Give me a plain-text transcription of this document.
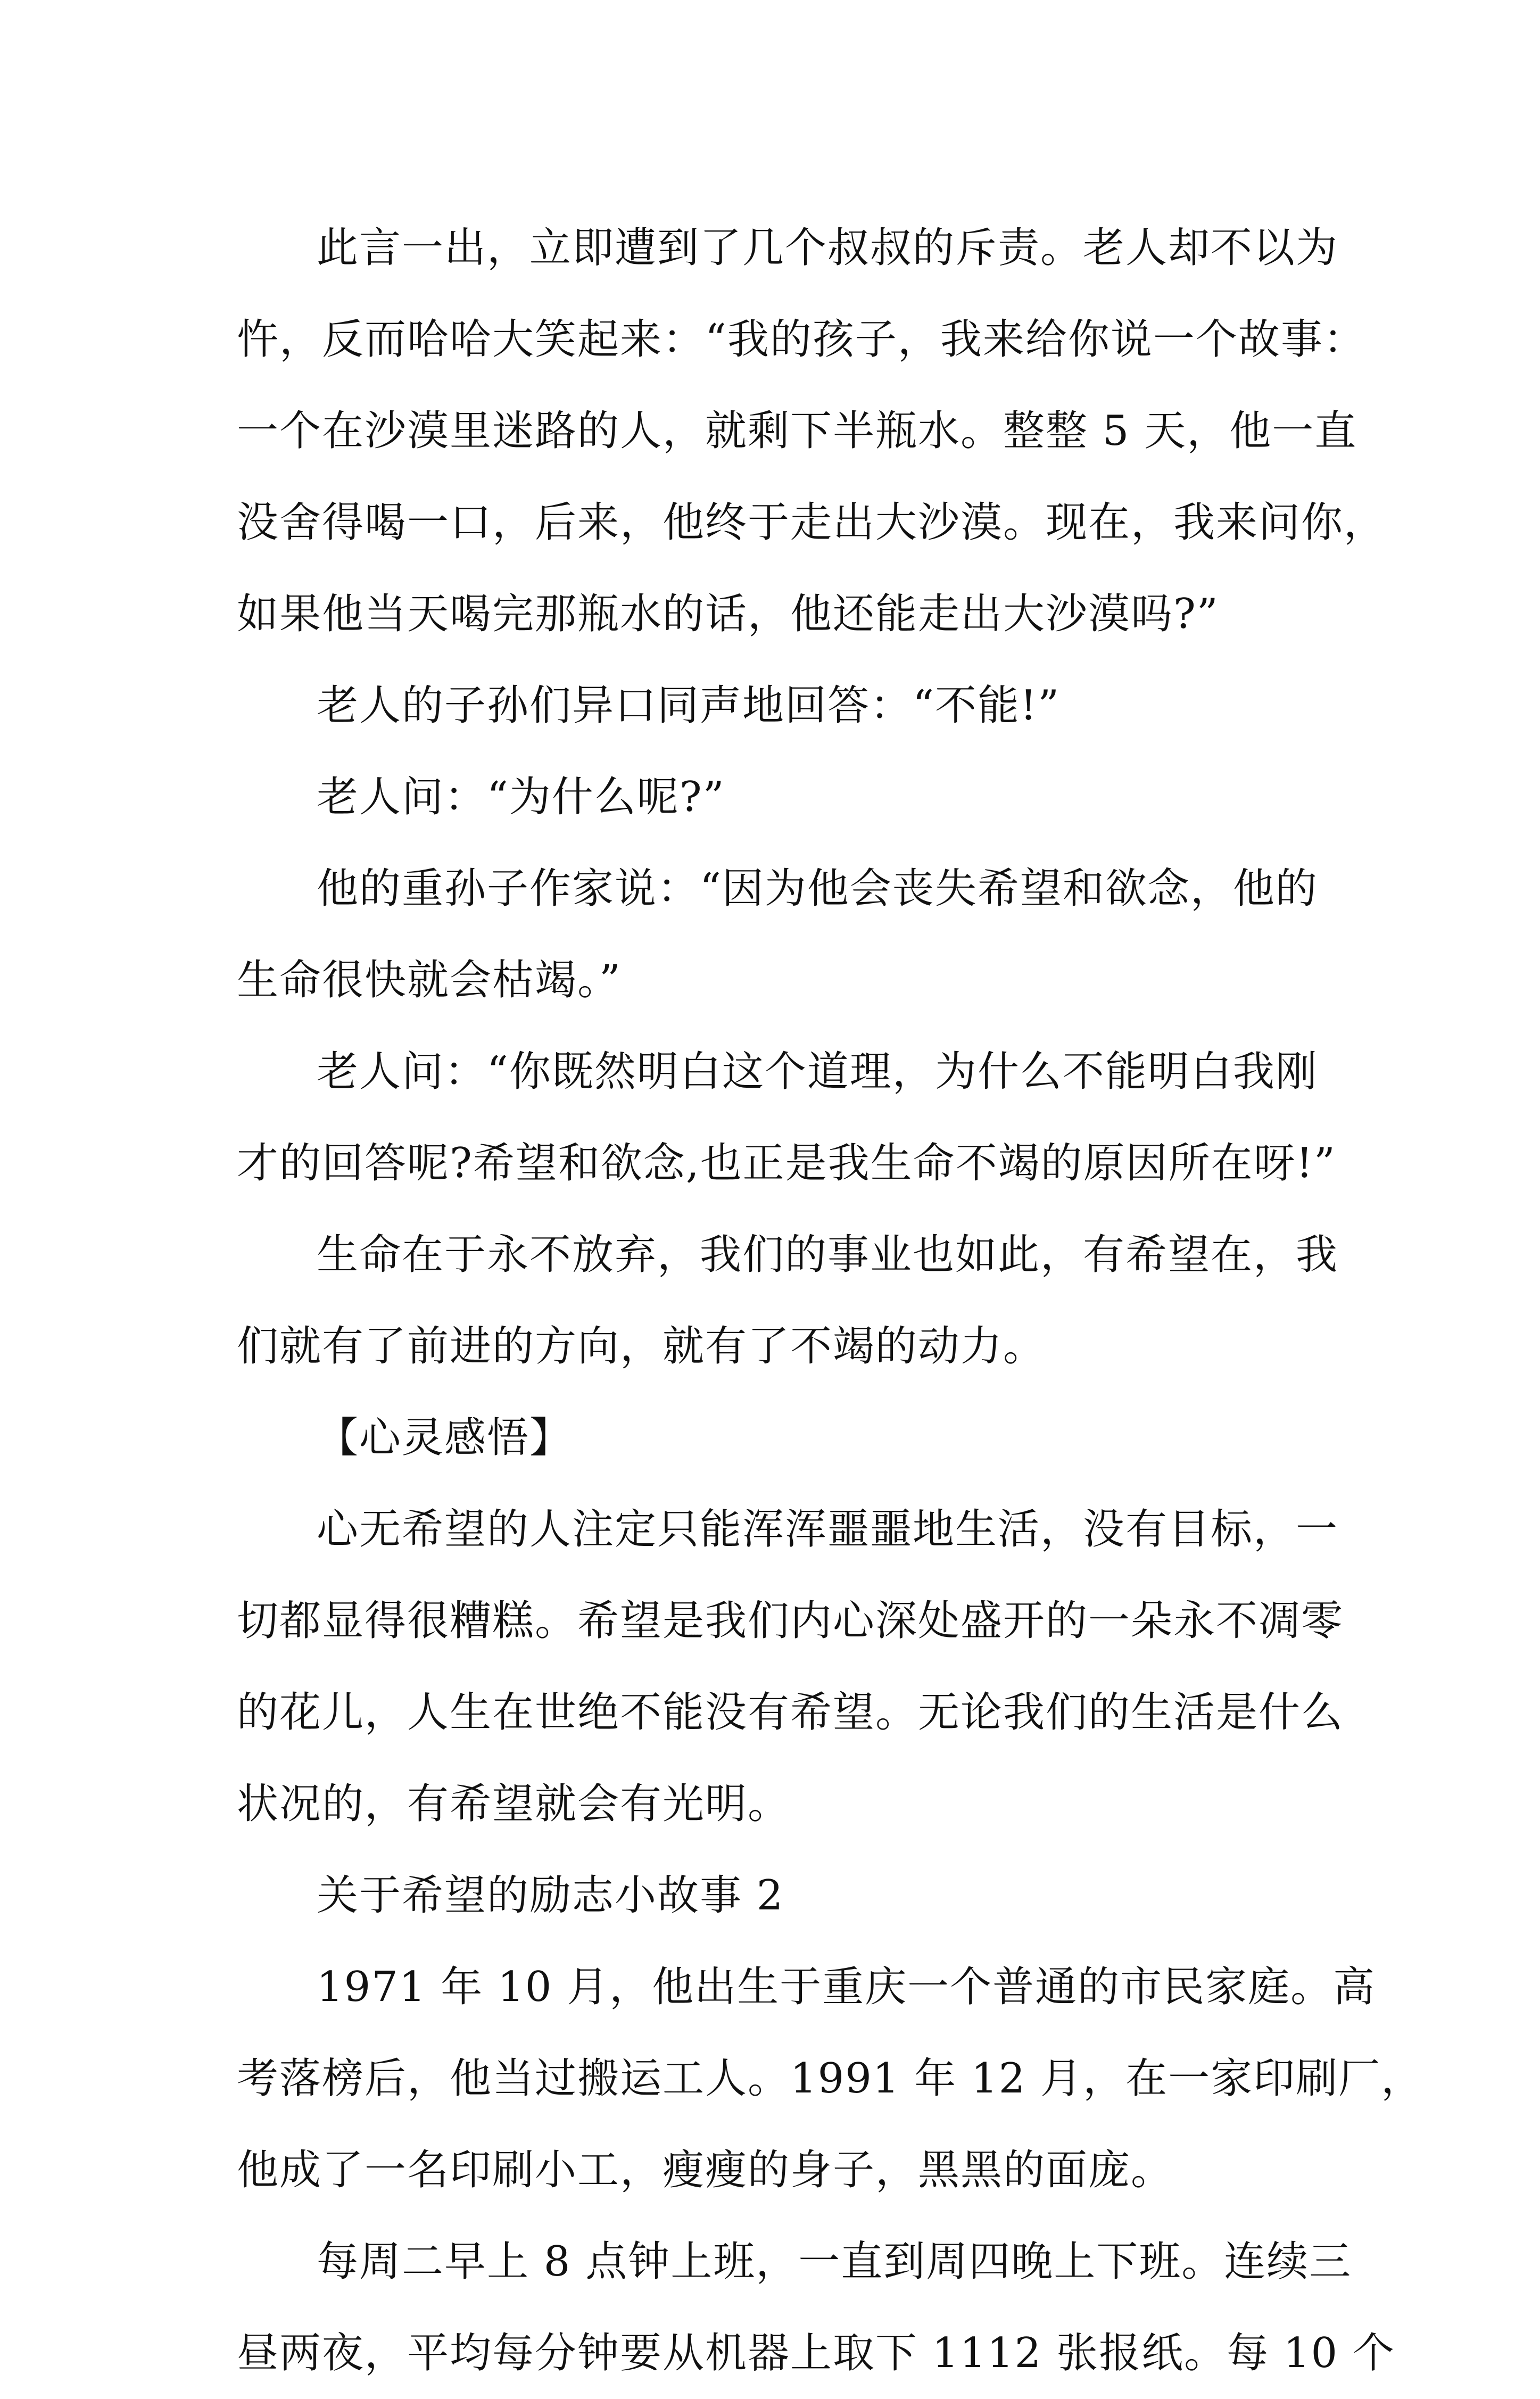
此言一出，立即遭到了几个叔叔的斥责。老人却不以为
忤，反而哈哈大笑起来：“我的孩子，我来给你说一个故事：
一个在沙漠里迷路的人，就剩下半瓶水。整整 5 天，他一直
没舍得喝一口，后来，他终于走出大沙漠。现在，我来问你，
如果他当天喝完那瓶水的话，他还能走出大沙漠吗?”
老人的子孙们异口同声地回答：“不能!”
老人问：“为什么呢?”
他的重孙子作家说：“因为他会丧失希望和欲念，他的
生命很快就会枯竭。”
老人问：“你既然明白这个道理，为什么不能明白我刚
才的回答呢?希望和欲念,也正是我生命不竭的原因所在呀!”
生命在于永不放弃，我们的事业也如此，有希望在，我
们就有了前进的方向，就有了不竭的动力。
【心灵感悟】
心无希望的人注定只能浑浑噩噩地生活，没有目标，一
切都显得很糟糕。希望是我们内心深处盛开的一朵永不凋零
的花儿，人生在世绝不能没有希望。无论我们的生活是什么
状况的，有希望就会有光明。
关于希望的励志小故事 2
1971 年 10 月，他出生于重庆一个普通的市民家庭。高
考落榜后，他当过搬运工人。1991 年 12 月，在一家印刷厂，
他成了一名印刷小工，瘦瘦的身子，黑黑的面庞。
每周二早上 8 点钟上班，一直到周四晚上下班。连续三
昼两夜，平均每分钟要从机器上取下 1112 张报纸。每 10 个
